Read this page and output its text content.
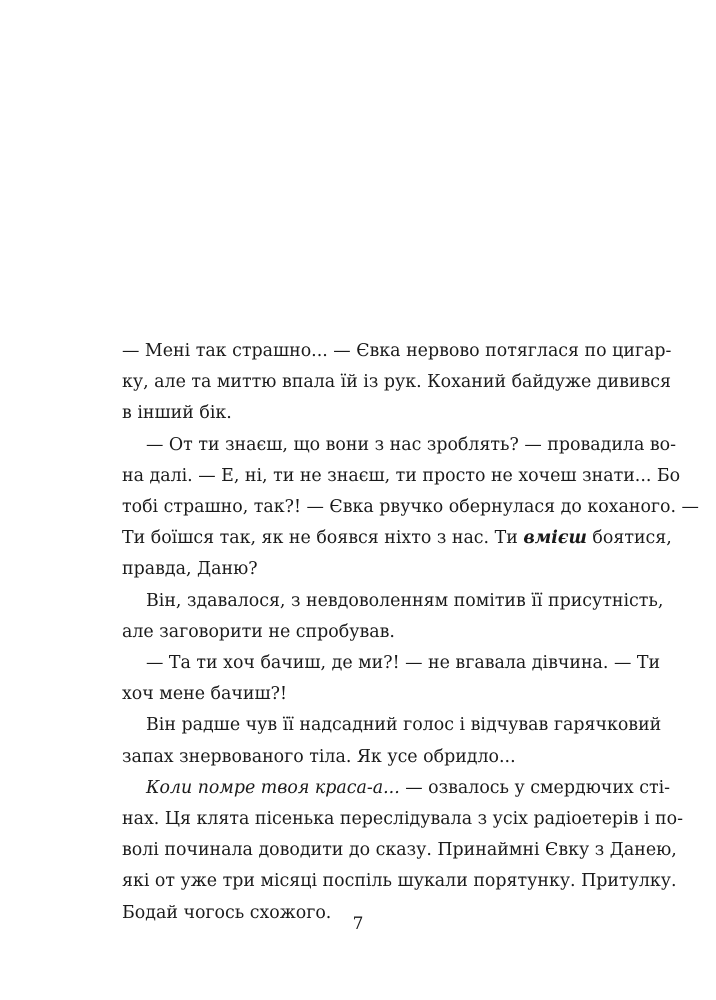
— Мені так страшно... — Євка нервово потяглася по цигар-
ку, але та миттю впала їй із рук. Коханий байдуже дивився
в інший бік.

— От ти знаєш, що вони з нас зроблять? — провадила во-
на далі. — Е, ні, ти не знаєш, ти просто не хочеш знати... Бо
тобі страшно, так?! — Євка рвучко обернулася до коханого. —
Ти боїшся так, як не боявся ніхто з нас. Ти вмієш боятися,
правда, Даню?

Він, здавалося, з невдоволенням помітив її присутність,
але заговорити не спробував.

— Та ти хоч бачиш, де ми?! — не вгавала дівчина. — Ти
хоч мене бачиш?!

Він радше чув її надсадний голос і відчував гарячковий
запах знервованого тіла. Як усе обридло...

Коли помре твоя краса-а... — озвалось у смердючих сті-
нах. Ця клята пісенька переслідувала з усіх радіоетерів і по-
волі починала доводити до сказу. Принаймні Євку з Данею,
які от уже три місяці поспіль шукали порятунку. Притулку.
Бодай чогось схожого.

7
